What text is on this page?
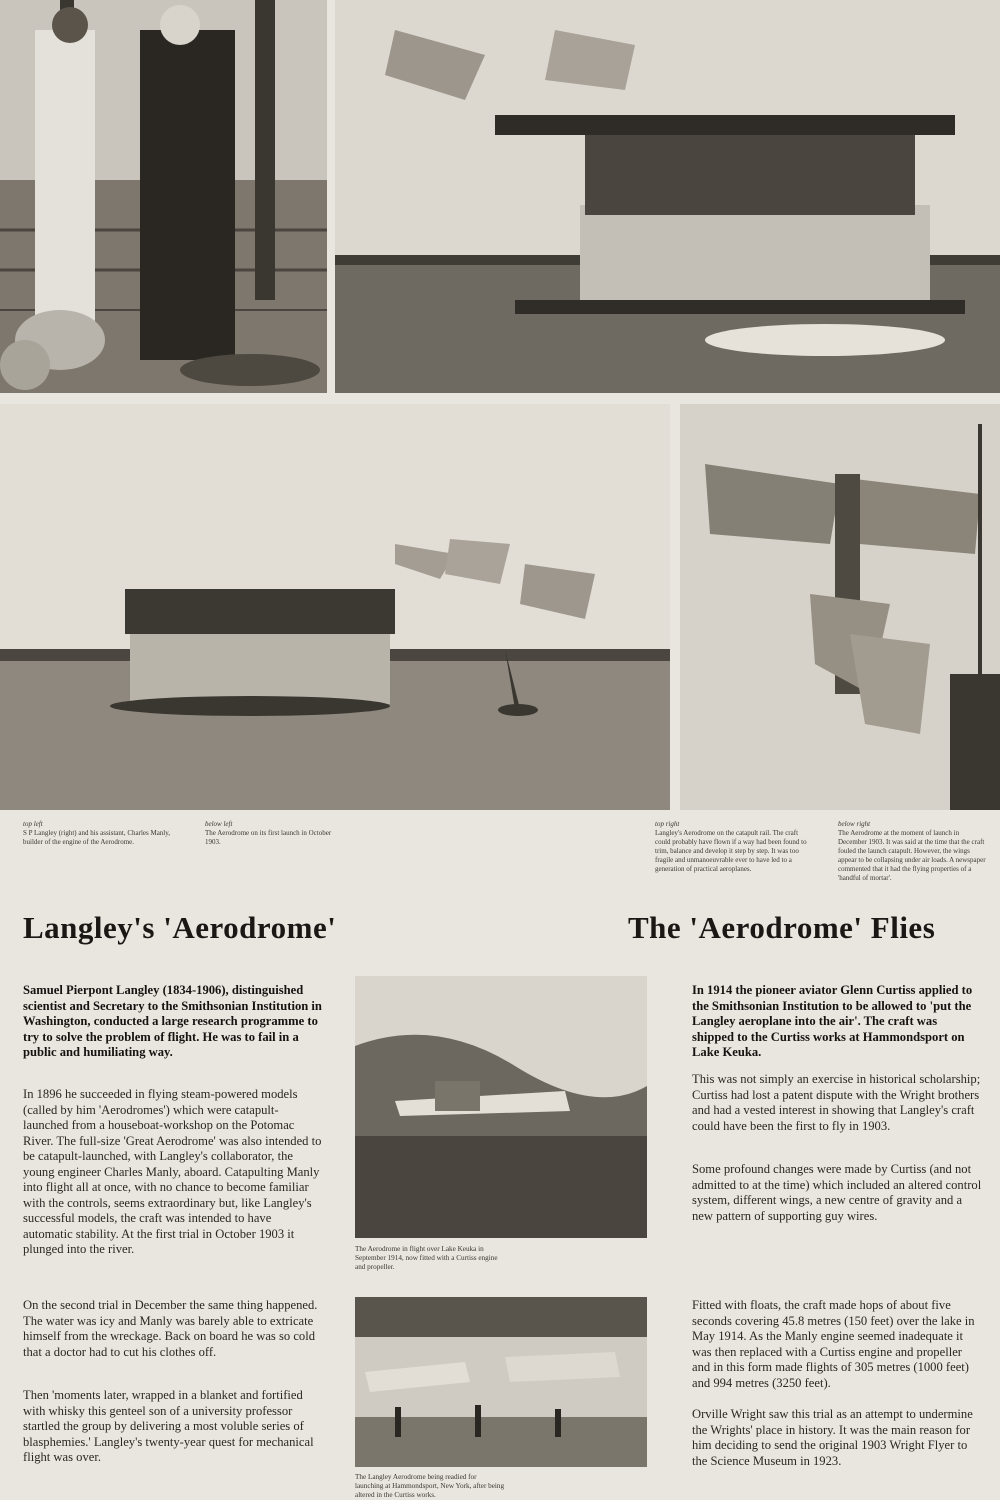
top left
S P Langley (right) and his assistant, Charles Manly, builder of the engine of the Aerodrome.
below left
The Aerodrome on its first launch in October 1903.
top right
Langley's Aerodrome on the catapult rail. The craft could probably have flown if a way had been found to trim, balance and develop it step by step. It was too fragile and unmanoeuvrable ever to have led to a generation of practical aeroplanes.
below right
The Aerodrome at the moment of launch in December 1903. It was said at the time that the craft fouled the launch catapult. However, the wings appear to be collapsing under air loads. A newspaper commented that it had the flying properties of a 'handful of mortar'.
Langley's 'Aerodrome'	The 'Aerodrome' Flies
Samuel Pierpont Langley (1834-1906), distinguished scientist and Secretary to the Smithsonian Institution in Washington, conducted a large research programme to try to solve the problem of flight. He was to fail in a public and humiliating way.
In 1896 he succeeded in flying steam-powered models (called by him 'Aerodromes') which were catapult-launched from a houseboat-workshop on the Potomac River. The full-size 'Great Aerodrome' was also intended to be catapult-launched, with Langley's collaborator, the young engineer Charles Manly, aboard. Catapulting Manly into flight all at once, with no chance to become familiar with the controls, seems extraordinary but, like Langley's successful models, the craft was intended to have automatic stability. At the first trial in October 1903 it plunged into the river.
On the second trial in December the same thing happened. The water was icy and Manly was barely able to extricate himself from the wreckage. Back on board he was so cold that a doctor had to cut his clothes off.
Then 'moments later, wrapped in a blanket and fortified with whisky this genteel son of a university professor startled the group by delivering a most voluble series of blasphemies.' Langley's twenty-year quest for mechanical flight was over.
The Aerodrome in flight over Lake Keuka in September 1914, now fitted with a Curtiss engine and propeller.
The Langley Aerodrome being readied for launching at Hammondsport, New York, after being altered in the Curtiss works.
In 1914 the pioneer aviator Glenn Curtiss applied to the Smithsonian Institution to be allowed to 'put the Langley aeroplane into the air'. The craft was shipped to the Curtiss works at Hammondsport on Lake Keuka.
This was not simply an exercise in historical scholarship; Curtiss had lost a patent dispute with the Wright brothers and had a vested interest in showing that Langley's craft could have been the first to fly in 1903.
Some profound changes were made by Curtiss (and not admitted to at the time) which included an altered control system, different wings, a new centre of gravity and a new pattern of supporting guy wires.
Fitted with floats, the craft made hops of about five seconds covering 45.8 metres (150 feet) over the lake in May 1914. As the Manly engine seemed inadequate it was then replaced with a Curtiss engine and propeller and in this form made flights of 305 metres (1000 feet) and 994 metres (3250 feet).
Orville Wright saw this trial as an attempt to undermine the Wrights' place in history. It was the main reason for him deciding to send the original 1903 Wright Flyer to the Science Museum in 1923.
